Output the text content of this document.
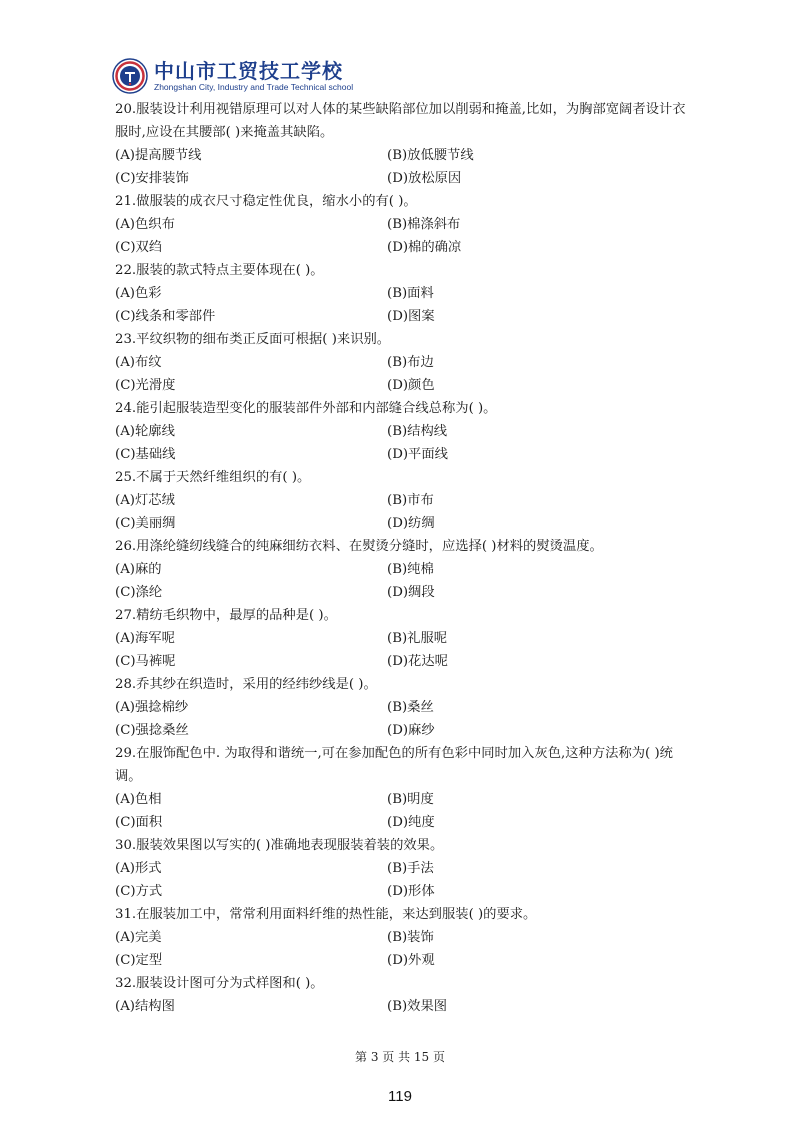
中山市工贸技工学校
Zhongshan City, Industry and Trade Technical school
20.服装设计利用视错原理可以对人体的某些缺陷部位加以削弱和掩盖,比如，为胸部宽阔者设计衣服时,应设在其腰部( )来掩盖其缺陷。
(A)提高腰节线	(B)放低腰节线
(C)安排装饰	(D)放松原因
21.做服装的成衣尺寸稳定性优良，缩水小的有( )。
(A)色织布	(B)棉涤斜布
(C)双绉	(D)棉的确凉
22.服装的款式特点主要体现在( )。
(A)色彩	(B)面料
(C)线条和零部件	(D)图案
23.平纹织物的细布类正反面可根据( )来识别。
(A)布纹	(B)布边
(C)光滑度	(D)颜色
24.能引起服装造型变化的服装部件外部和内部缝合线总称为( )。
(A)轮廓线	(B)结构线
(C)基础线	(D)平面线
25.不属于天然纤维组织的有( )。
(A)灯芯绒	(B)市布
(C)美丽绸	(D)纺绸
26.用涤纶缝纫线缝合的纯麻细纺衣料、在熨烫分缝时，应选择( )材料的熨烫温度。
(A)麻的	(B)纯棉
(C)涤纶	(D)绸段
27.精纺毛织物中，最厚的品种是( )。
(A)海军呢	(B)礼服呢
(C)马裤呢	(D)花达呢
28.乔其纱在织造时，采用的经纬纱线是( )。
(A)强捻棉纱	(B)桑丝
(C)强捻桑丝	(D)麻纱
29.在服饰配色中. 为取得和谐统一,可在参加配色的所有色彩中同时加入灰色,这种方法称为( )统调。
(A)色相	(B)明度
(C)面积	(D)纯度
30.服装效果图以写实的( )准确地表现服装着装的效果。
(A)形式	(B)手法
(C)方式	(D)形体
31.在服装加工中，常常利用面料纤维的热性能，来达到服装( )的要求。
(A)完美	(B)装饰
(C)定型	(D)外观
32.服装设计图可分为式样图和( )。
(A)结构图	(B)效果图
第 3 页 共 15 页
119
